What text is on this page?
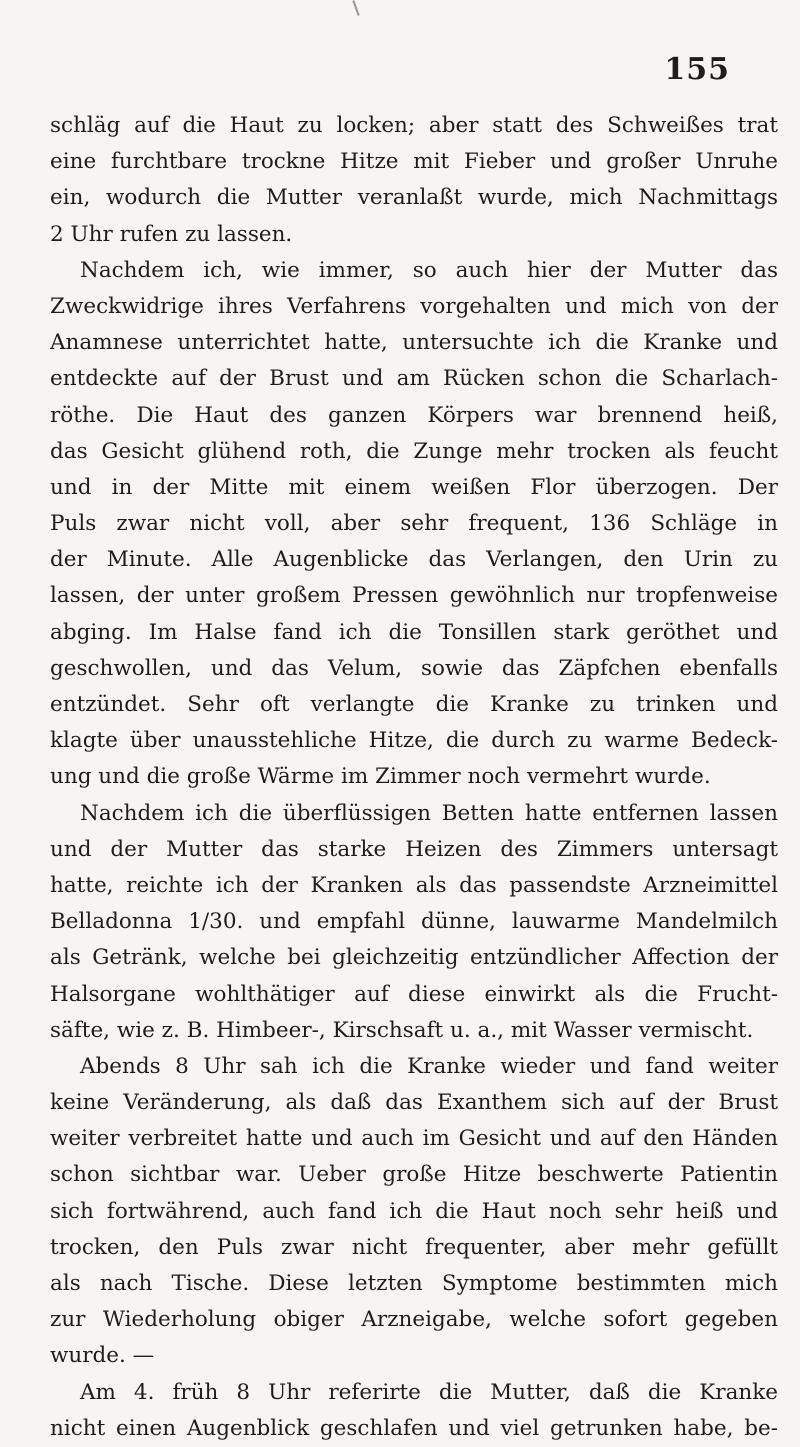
155
schläg auf die Haut zu locken; aber statt des Schweißes trat
eine furchtbare trockne Hitze mit Fieber und großer Unruhe
ein, wodurch die Mutter veranlaßt wurde, mich Nachmittags
2 Uhr rufen zu lassen.
Nachdem ich, wie immer, so auch hier der Mutter das
Zweckwidrige ihres Verfahrens vorgehalten und mich von der
Anamnese unterrichtet hatte, untersuchte ich die Kranke und
entdeckte auf der Brust und am Rücken schon die Scharlach-
röthe. Die Haut des ganzen Körpers war brennend heiß,
das Gesicht glühend roth, die Zunge mehr trocken als feucht
und in der Mitte mit einem weißen Flor überzogen. Der
Puls zwar nicht voll, aber sehr frequent, 136 Schläge in
der Minute. Alle Augenblicke das Verlangen, den Urin zu
lassen, der unter großem Pressen gewöhnlich nur tropfenweise
abging. Im Halse fand ich die Tonsillen stark geröthet und
geschwollen, und das Velum, sowie das Zäpfchen ebenfalls
entzündet. Sehr oft verlangte die Kranke zu trinken und
klagte über unausstehliche Hitze, die durch zu warme Bedeck-
ung und die große Wärme im Zimmer noch vermehrt wurde.
Nachdem ich die überflüssigen Betten hatte entfernen lassen
und der Mutter das starke Heizen des Zimmers untersagt
hatte, reichte ich der Kranken als das passendste Arzneimittel
Belladonna 1/30. und empfahl dünne, lauwarme Mandelmilch
als Getränk, welche bei gleichzeitig entzündlicher Affection der
Halsorgane wohlthätiger auf diese einwirkt als die Frucht-
säfte, wie z. B. Himbeer-, Kirschsaft u. a., mit Wasser vermischt.
Abends 8 Uhr sah ich die Kranke wieder und fand weiter
keine Veränderung, als daß das Exanthem sich auf der Brust
weiter verbreitet hatte und auch im Gesicht und auf den Händen
schon sichtbar war. Ueber große Hitze beschwerte Patientin
sich fortwährend, auch fand ich die Haut noch sehr heiß und
trocken, den Puls zwar nicht frequenter, aber mehr gefüllt
als nach Tische. Diese letzten Symptome bestimmten mich
zur Wiederholung obiger Arzneigabe, welche sofort gegeben
wurde. —
Am 4. früh 8 Uhr referirte die Mutter, daß die Kranke
nicht einen Augenblick geschlafen und viel getrunken habe, be-
